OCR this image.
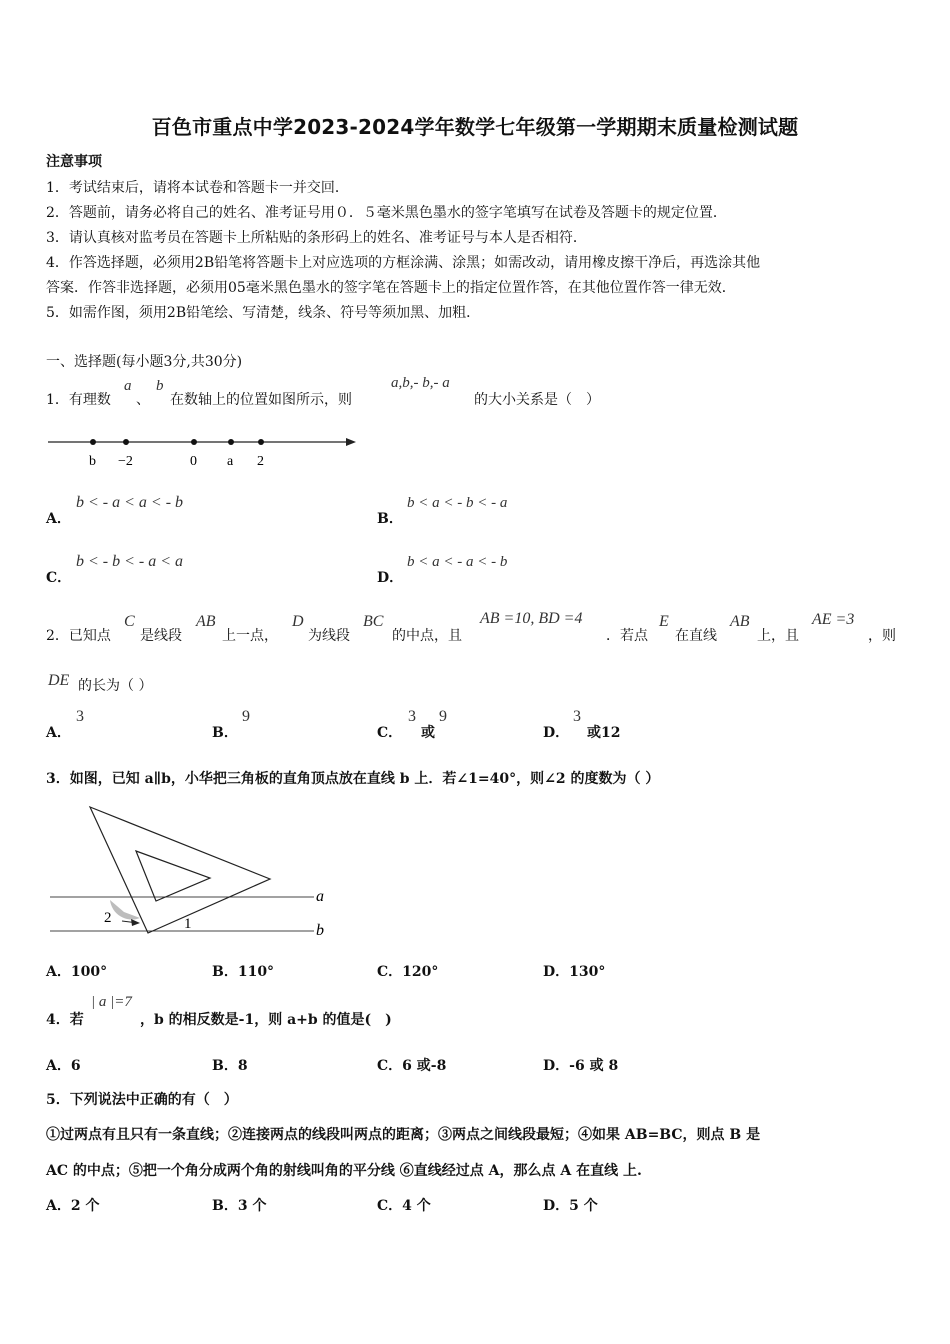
百色市重点中学2023-2024学年数学七年级第一学期期末质量检测试题
注意事项
1．考试结束后，请将本试卷和答题卡一并交回．
2．答题前，请务必将自己的姓名、准考证号用０．５毫米黑色墨水的签字笔填写在试卷及答题卡的规定位置．
3．请认真核对监考员在答题卡上所粘贴的条形码上的姓名、准考证号与本人是否相符．
4．作答选择题，必须用2B铅笔将答题卡上对应选项的方框涂满、涂黑；如需改动，请用橡皮擦干净后，再选涂其他
答案．作答非选择题，必须用05毫米黑色墨水的签字笔在答题卡上的指定位置作答，在其他位置作答一律无效．
5．如需作图，须用2B铅笔绘、写清楚，线条、符号等须加黑、加粗．
一、选择题(每小题3分,共30分)
1．有理数
a
、
b
在数轴上的位置如图所示，则
a,b,- b,- a
的大小关系是（　）
b −2	0 a 2
A．
b < - a < a < - b
B．
b < a < - b < - a
C．
b < - b < - a < a
D．
b < a < - a < - b
2．已知点
C
是线段
AB
上一点，
D
为线段
BC
的中点，且
AB =10, BD =4
．若点
E
在直线
AB
上，且
AE =3
，则
DE 的长为（ ）
A．
3
B．
9
C．
3
或
9
D．
3
或12
3．如图，已知 a∥b，小华把三角板的直角顶点放在直线 b 上．若∠1=40°，则∠2 的度数为（ ）
a
b
1
2
A．100°	B．110°	C．120°	D．130°
4．若
| a |=7
，b 的相反数是-1，则 a+b 的值是(　)
A．6	B．8	C．6 或-8	D．-6 或 8
5．下列说法中正确的有（　）
①过两点有且只有一条直线；②连接两点的线段叫两点的距离；③两点之间线段最短；④如果 AB=BC，则点 B 是
AC 的中点；⑤把一个角分成两个角的射线叫角的平分线 ⑥直线经过点 A，那么点 A 在直线 上.
A．2 个	B．3 个	C．4 个	D．5 个
